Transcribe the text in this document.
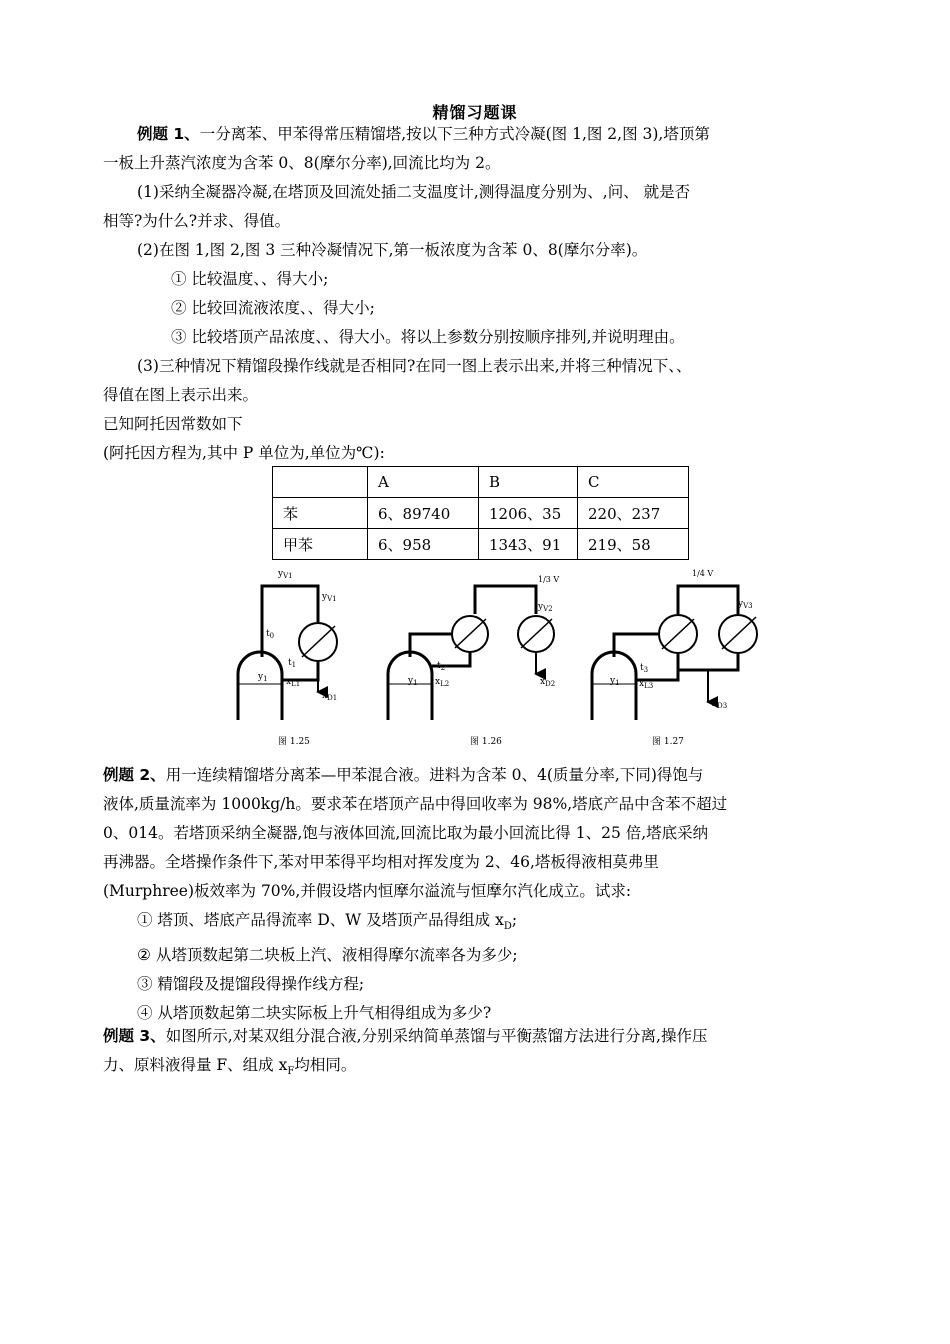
精馏习题课
例题 1、一分离苯、甲苯得常压精馏塔,按以下三种方式冷凝(图 1,图 2,图 3),塔顶第
一板上升蒸汽浓度为含苯 0、8(摩尔分率),回流比均为 2。
(1)采纳全凝器冷凝,在塔顶及回流处插二支温度计,测得温度分别为、,问、 就是否
相等?为什么?并求、得值。
(2)在图 1,图 2,图 3 三种冷凝情况下,第一板浓度为含苯 0、8(摩尔分率)。
① 比较温度、、得大小;
② 比较回流液浓度、、得大小;
③ 比较塔顶产品浓度、、得大小。将以上参数分别按顺序排列,并说明理由。
(3)三种情况下精馏段操作线就是否相同?在同一图上表示出来,并将三种情况下、、
得值在图上表示出来。
已知阿托因常数如下
(阿托因方程为,其中 P 单位为,单位为℃):
	A	B	C
苯	6、89740	1206、35	220、237
甲苯	6、958	1343、91	219、58
$y_{V1}$
$y_{V1}$
$t_0$
$t_1$
$y_1$ $x_{L1}$
$x_{D1}$
图 1.25
1/3 V
$y_{V2}$
$t_2$
$y_1$ $x_{L2}$	$x_{D2}$
图 1.26
1/4 V
$y_{V3}$
$t_3$
$y_1$ $x_{L3}$
$x_{D3}$
图 1.27
例题 2、用一连续精馏塔分离苯—甲苯混合液。进料为含苯 0、4(质量分率,下同)得饱与
液体,质量流率为 1000kg/h。要求苯在塔顶产品中得回收率为 98%,塔底产品中含苯不超过
0、014。若塔顶采纳全凝器,饱与液体回流,回流比取为最小回流比得 1、25 倍,塔底采纳
再沸器。全塔操作条件下,苯对甲苯得平均相对挥发度为 2、46,塔板得液相莫弗里
(Murphree)板效率为 70%,并假设塔内恒摩尔溢流与恒摩尔汽化成立。试求:
① 塔顶、塔底产品得流率 D、W 及塔顶产品得组成 $x_D$;
② 从塔顶数起第二块板上汽、液相得摩尔流率各为多少;
③ 精馏段及提馏段得操作线方程;
④ 从塔顶数起第二块实际板上升气相得组成为多少?
例题 3、如图所示,对某双组分混合液,分别采纳简单蒸馏与平衡蒸馏方法进行分离,操作压
力、原料液得量 F、组成 $x_F$均相同。
